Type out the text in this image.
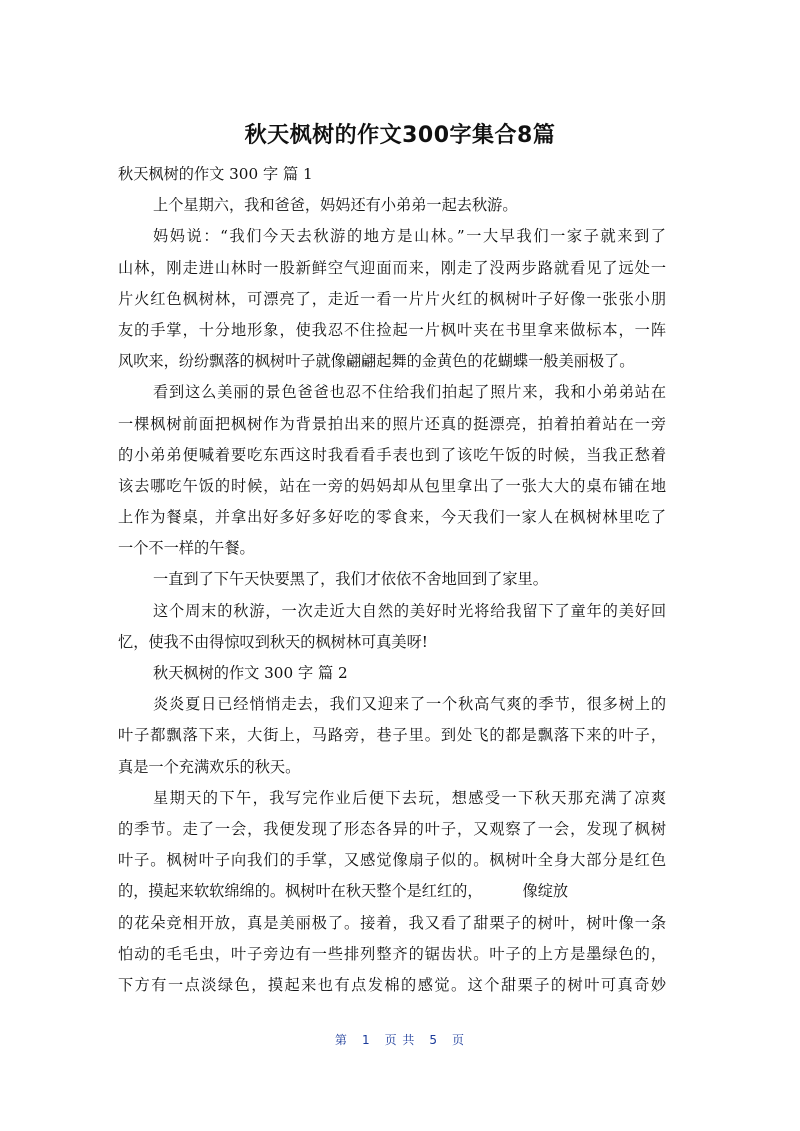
秋天枫树的作文300字集合8篇
秋天枫树的作文 300 字 篇 1
上个星期六，我和爸爸，妈妈还有小弟弟一起去秋游。
妈妈说：“我们今天去秋游的地方是山林。”一大早我们一家子就来到了
山林，刚走进山林时一股新鲜空气迎面而来，刚走了没两步路就看见了远处一
片火红色枫树林，可漂亮了，走近一看一片片火红的枫树叶子好像一张张小朋
友的手掌，十分地形象，使我忍不住捡起一片枫叶夹在书里拿来做标本，一阵
风吹来，纷纷飘落的枫树叶子就像翩翩起舞的金黄色的花蝴蝶一般美丽极了。
看到这么美丽的景色爸爸也忍不住给我们拍起了照片来，我和小弟弟站在
一棵枫树前面把枫树作为背景拍出来的照片还真的挺漂亮，拍着拍着站在一旁
的小弟弟便喊着要吃东西这时我看看手表也到了该吃午饭的时候，当我正愁着
该去哪吃午饭的时候，站在一旁的妈妈却从包里拿出了一张大大的桌布铺在地
上作为餐桌，并拿出好多好多好吃的零食来，今天我们一家人在枫树林里吃了
一个不一样的午餐。
一直到了下午天快要黑了，我们才依依不舍地回到了家里。
这个周末的秋游，一次走近大自然的美好时光将给我留下了童年的美好回
忆，使我不由得惊叹到秋天的枫树林可真美呀!
秋天枫树的作文 300 字 篇 2
炎炎夏日已经悄悄走去，我们又迎来了一个秋高气爽的季节，很多树上的
叶子都飘落下来，大街上，马路旁，巷子里。到处飞的都是飘落下来的叶子，
真是一个充满欢乐的秋天。
星期天的下午，我写完作业后便下去玩，想感受一下秋天那充满了凉爽
的季节。走了一会，我便发现了形态各异的叶子，又观察了一会，发现了枫树
叶子。枫树叶子向我们的手掌，又感觉像扇子似的。枫树叶全身大部分是红色
的，摸起来软软绵绵的。枫树叶在秋天整个是红红的，	像绽放
的花朵竞相开放，真是美丽极了。接着，我又看了甜栗子的树叶，树叶像一条
怕动的毛毛虫，叶子旁边有一些排列整齐的锯齿状。叶子的上方是墨绿色的，
下方有一点淡绿色，摸起来也有点发棉的感觉。这个甜栗子的树叶可真奇妙
第 1 页 共 5 页
